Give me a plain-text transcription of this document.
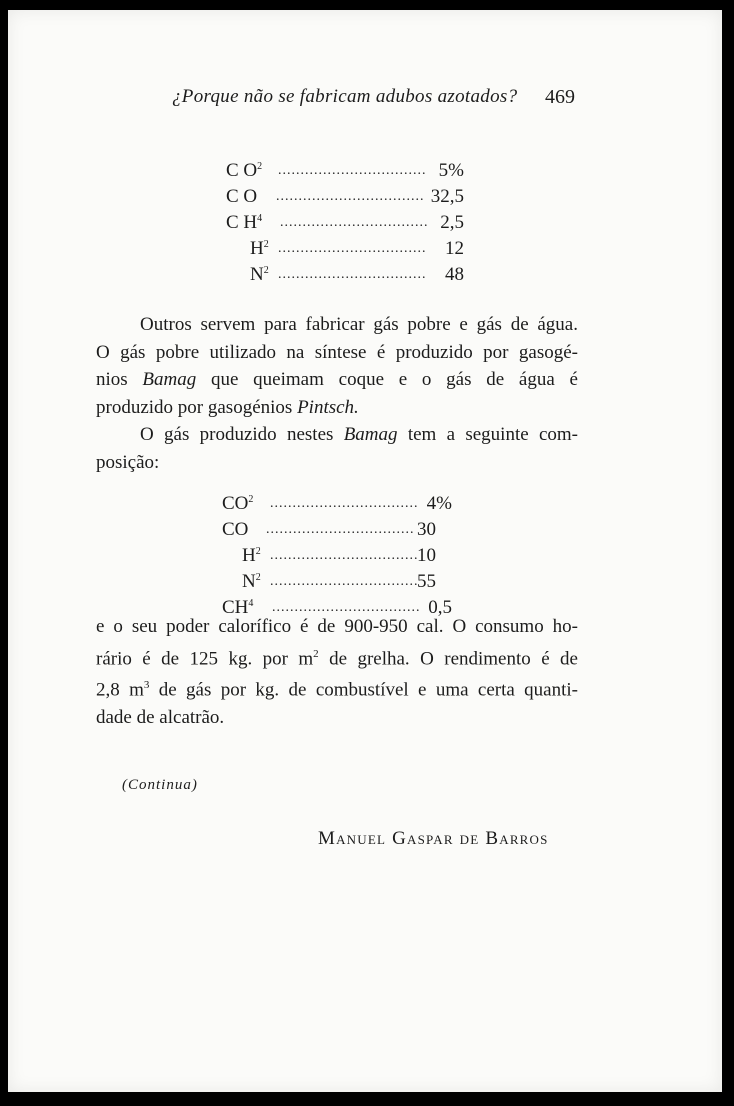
¿Porque não se fabricam adubos azotados? 469
C $O^2$ ................................. 5%
C O ................................. 32,5
C $H^4$ ................................. 2,5
$H^2$ ................................. 12
$N^2$ ................................. 48
Outros servem para fabricar gás pobre e gás de água.
O gás pobre utilizado na síntese é produzido por gasogé-
nios Bamag que queimam coque e o gás de água é
produzido por gasogénios Pintsch.
O gás produzido nestes Bamag tem a seguinte com-
posição:
$CO^2$ ................................. 4%
CO ................................. 30
$H^2$ .................................
10
$N^2$ .................................
55
$CH^4$ ................................. 0,5
e o seu poder calorífico é de 900-950 cal. O consumo ho-
rário é de 125 kg. por $m^2$ de grelha. O rendimento é de
2,8 $m^3$ de gás por kg. de combustível e uma certa quanti-
dade de alcatrão.
(Continua)
Manuel Gaspar de Barros
